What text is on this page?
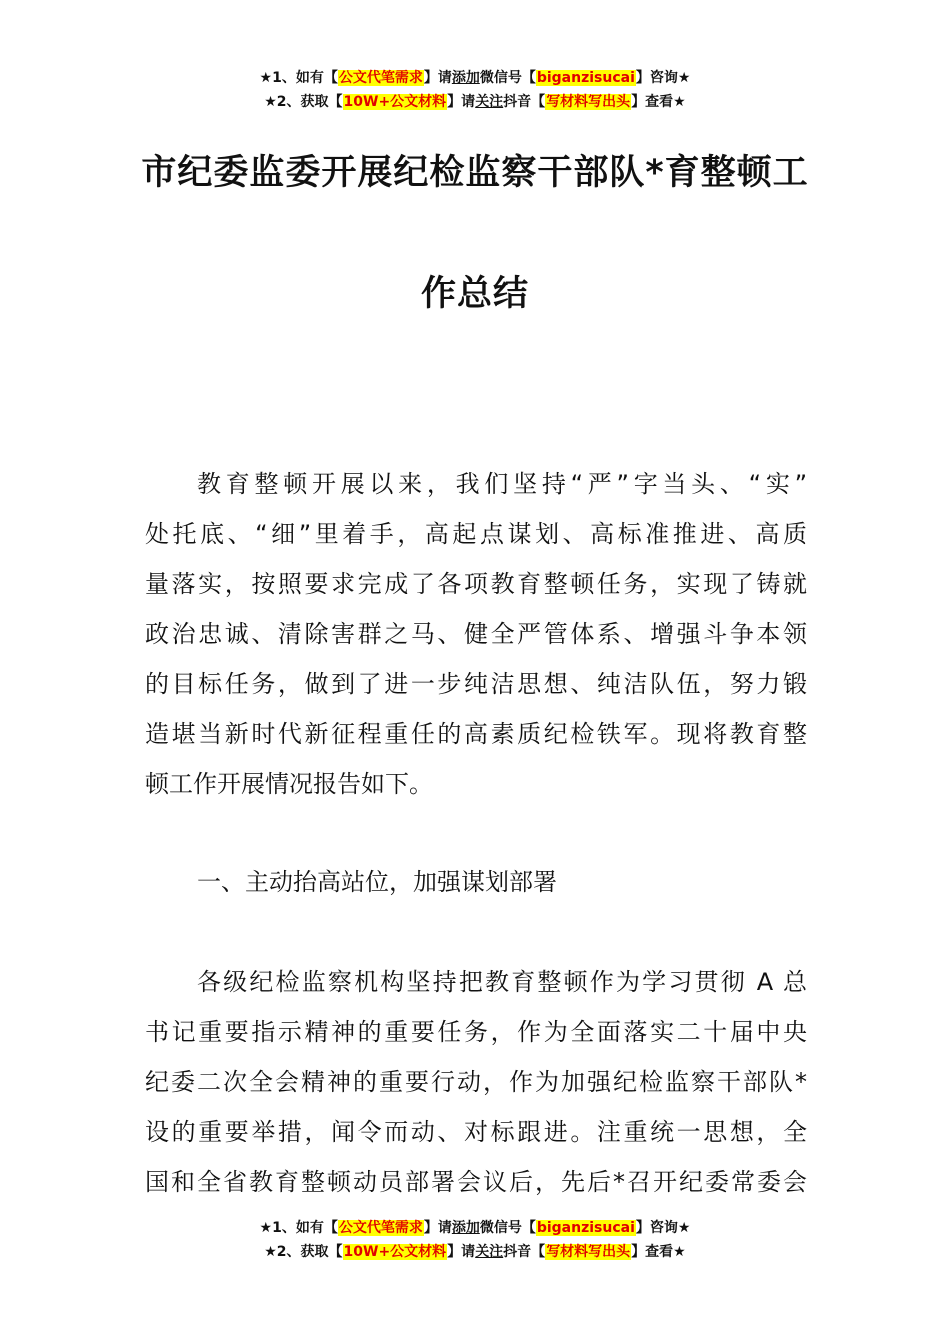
★1、如有【公文代笔需求】请添加微信号【biganzisucai】咨询★
★2、获取【10W+公文材料】请关注抖音【写材料写出头】查看★
市纪委监委开展纪检监察干部队*育整顿工
作总结
教育整顿开展以来，我们坚持“严”字当头、“实”
处托底、“细”里着手，高起点谋划、高标准推进、高质
量落实，按照要求完成了各项教育整顿任务，实现了铸就
政治忠诚、清除害群之马、健全严管体系、增强斗争本领
的目标任务，做到了进一步纯洁思想、纯洁队伍，努力锻
造堪当新时代新征程重任的高素质纪检铁军。现将教育整
顿工作开展情况报告如下。
一、主动抬高站位，加强谋划部署
各级纪检监察机构坚持把教育整顿作为学习贯彻 A 总
书记重要指示精神的重要任务，作为全面落实二十届中央
纪委二次全会精神的重要行动，作为加强纪检监察干部队*
设的重要举措，闻令而动、对标跟进。注重统一思想，全
国和全省教育整顿动员部署会议后，先后*召开纪委常委会
★1、如有【公文代笔需求】请添加微信号【biganzisucai】咨询★
★2、获取【10W+公文材料】请关注抖音【写材料写出头】查看★
